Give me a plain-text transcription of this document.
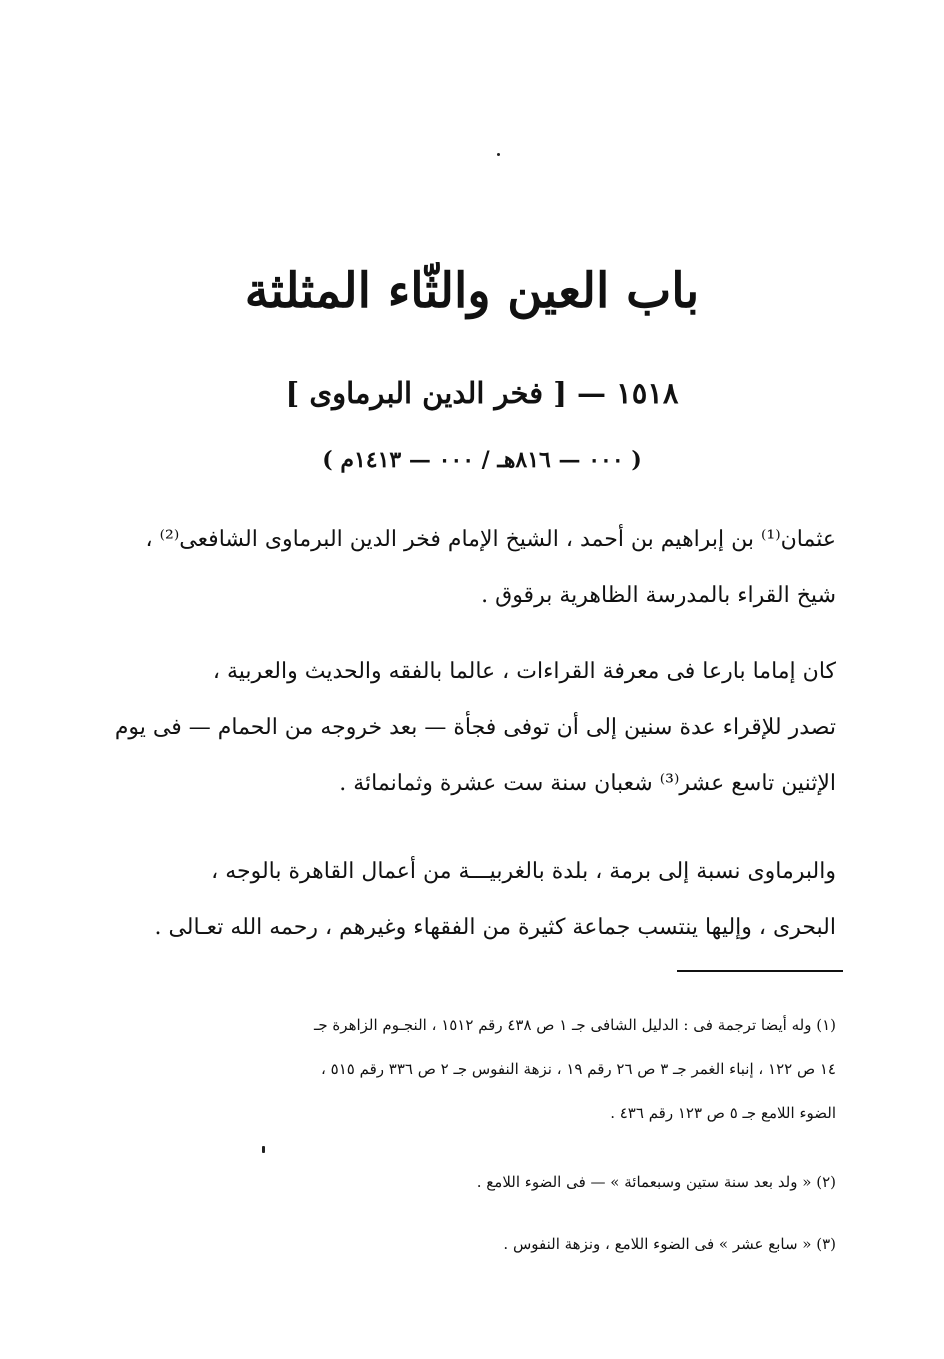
باب العين والثّاء المثلثة
١٥١٨ — [ فخر الدين البرماوى ]
( ٠٠٠ — ٨١٦هـ / ٠٠٠ — ١٤١٣م )
عثمان⁽¹⁾ بن إبراهيم بن أحمد ، الشيخ الإمام فخر الدين البرماوى الشافعى⁽²⁾ ،
شيخ القراء بالمدرسة الظاهرية برقوق .
كان إماما بارعا فى معرفة القراءات ، عالما بالفقه والحديث والعربية ،
تصدر للإقراء عدة سنين إلى أن توفى فجأة — بعد خروجه من الحمام — فى يوم
الإثنين تاسع عشر⁽³⁾ شعبان سنة ست عشرة وثمانمائة .
والبرماوى نسبة إلى برمة ، بلدة بالغربيـــة من أعمال القاهرة بالوجه ،
البحرى ، وإليها ينتسب جماعة كثيرة من الفقهاء وغيرهم ، رحمه الله تعـالى .
(١) وله أيضا ترجمة فى : الدليل الشافى جـ ١ ص ٤٣٨ رقم ١٥١٢ ، النجـوم الزاهرة جـ
١٤ ص ١٢٢ ، إنباء الغمر جـ ٣ ص ٢٦ رقم ١٩ ، نزهة النفوس جـ ٢ ص ٣٣٦ رقم ٥١٥ ،
الضوء اللامع جـ ٥ ص ١٢٣ رقم ٤٣٦ .
(٢) « ولد بعد سنة ستين وسبعمائة » — فى الضوء اللامع .
(٣) « سابع عشر » فى الضوء اللامع ، ونزهة النفوس .
